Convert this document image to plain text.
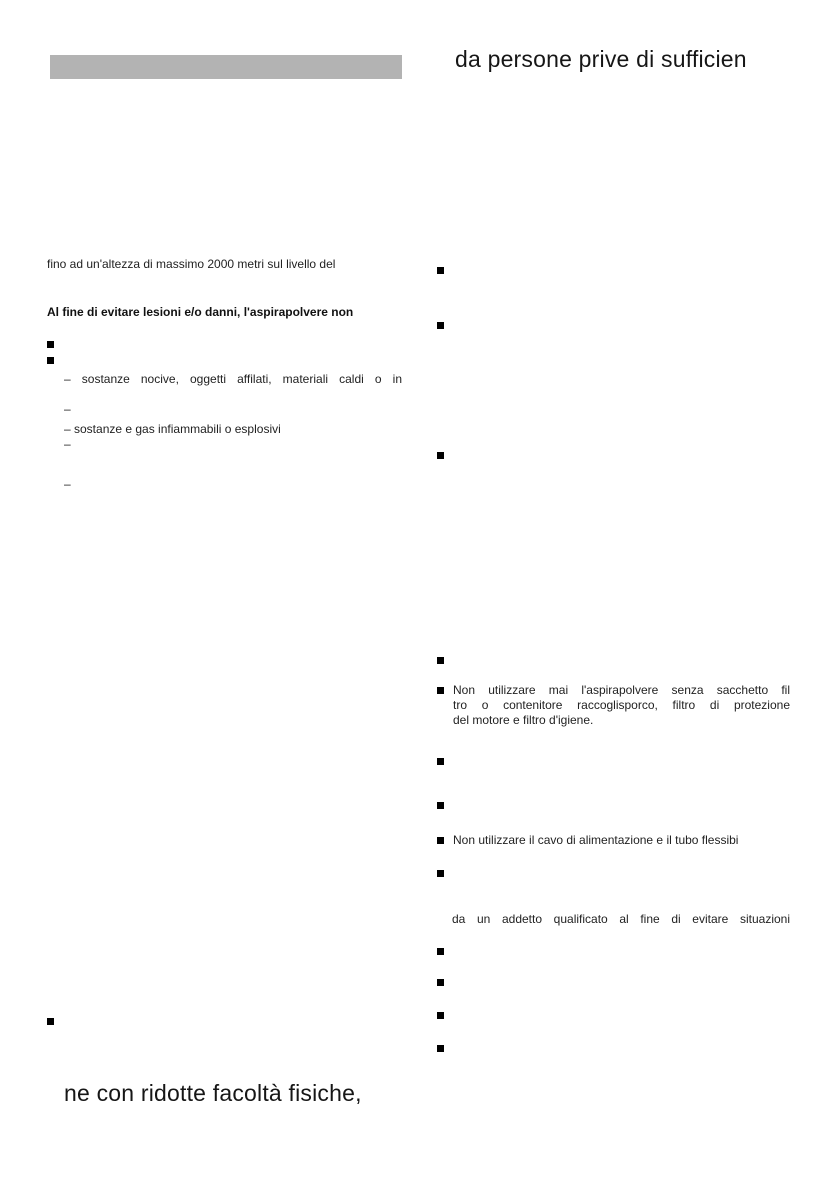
da persone prive di sufficien
fino ad un'altezza di massimo 2000 metri sul livello del
Al fine di evitare lesioni e/o danni, l'aspirapolvere non
– sostanze nocive, oggetti affilati, materiali caldi o in
–
– sostanze e gas infiammabili o esplosivi
–
–
ne con ridotte facoltà fisiche,
Non utilizzare mai l'aspirapolvere senza sacchetto fil
tro o contenitore raccoglisporco, filtro di protezione
del motore e filtro d'igiene.
Non utilizzare il cavo di alimentazione e il tubo flessibi
da un addetto qualificato al fine di evitare situazioni
